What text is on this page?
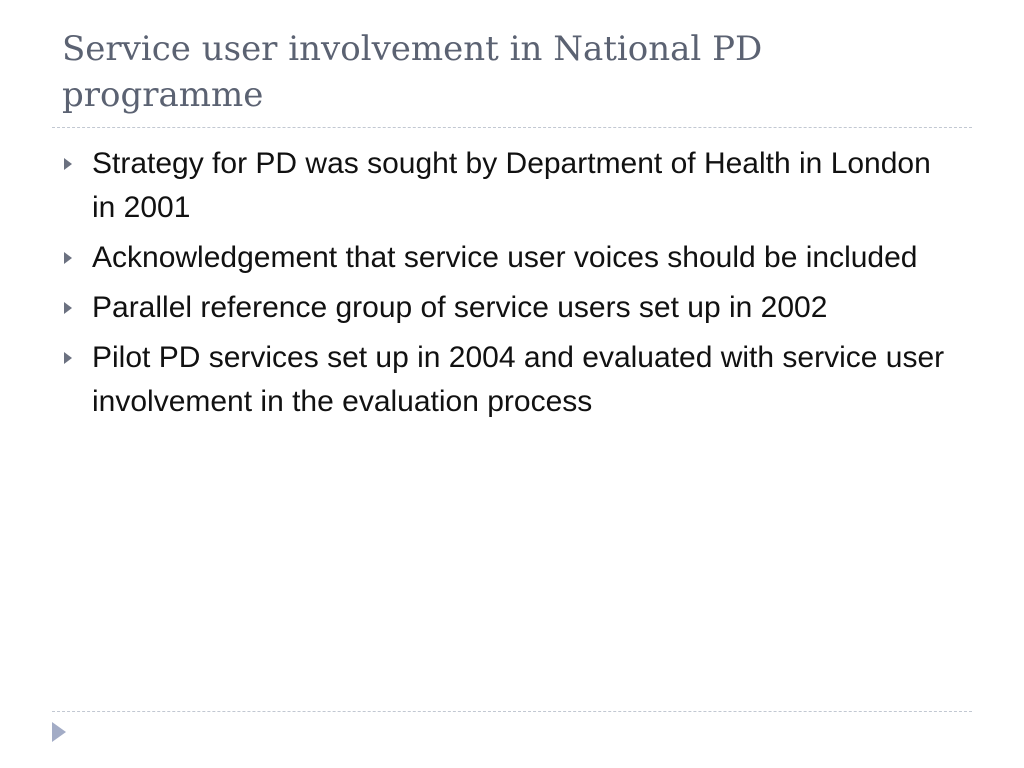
Service user involvement in National PD programme
Strategy for PD was sought by Department of Health in London in 2001
Acknowledgement that service user voices should be included
Parallel reference group of service users set up in 2002
Pilot PD services set up in 2004 and evaluated with service user involvement in the evaluation process
